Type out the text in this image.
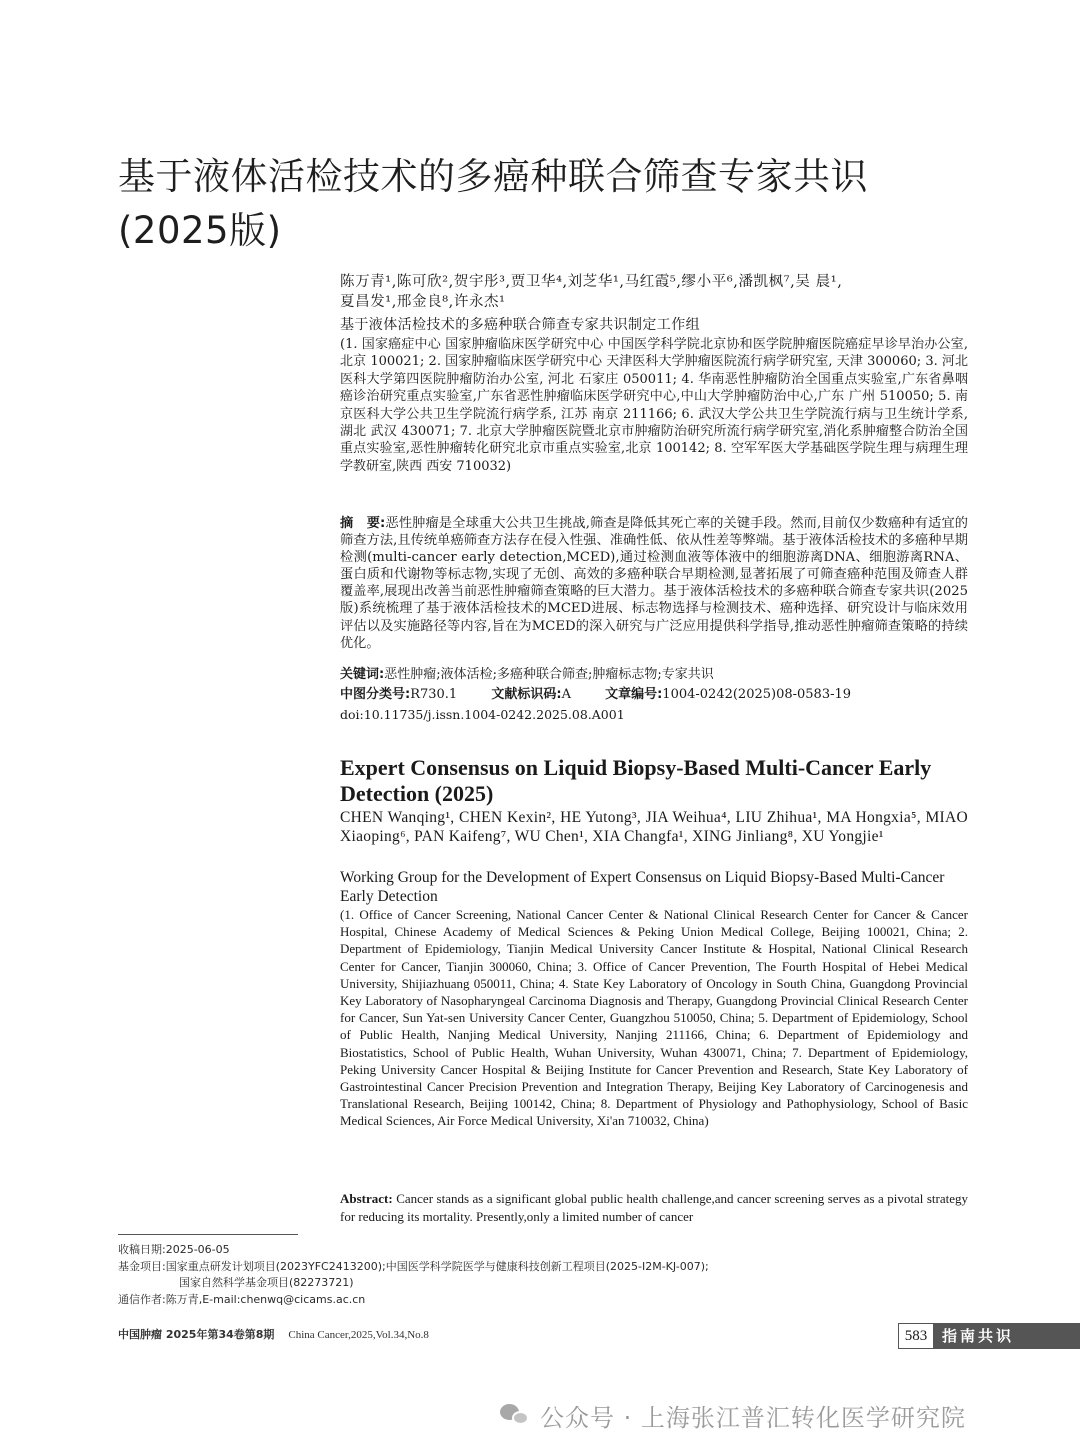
基于液体活检技术的多癌种联合筛查专家共识
(2025版)
陈万青¹,陈可欣²,贺宇彤³,贾卫华⁴,刘芝华¹,马红霞⁵,缪小平⁶,潘凯枫⁷,吴 晨¹,
夏昌发¹,邢金良⁸,许永杰¹
基于液体活检技术的多癌种联合筛查专家共识制定工作组
(1. 国家癌症中心 国家肿瘤临床医学研究中心 中国医学科学院北京协和医学院肿瘤医院癌症早诊早治办公室, 北京 100021; 2. 国家肿瘤临床医学研究中心 天津医科大学肿瘤医院流行病学研究室, 天津 300060; 3. 河北医科大学第四医院肿瘤防治办公室, 河北 石家庄 050011; 4. 华南恶性肿瘤防治全国重点实验室,广东省鼻咽癌诊治研究重点实验室,广东省恶性肿瘤临床医学研究中心,中山大学肿瘤防治中心,广东 广州 510050; 5. 南京医科大学公共卫生学院流行病学系, 江苏 南京 211166; 6. 武汉大学公共卫生学院流行病与卫生统计学系,湖北 武汉 430071; 7. 北京大学肿瘤医院暨北京市肿瘤防治研究所流行病学研究室,消化系肿瘤整合防治全国重点实验室,恶性肿瘤转化研究北京市重点实验室,北京 100142; 8. 空军军医大学基础医学院生理与病理生理学教研室,陕西 西安 710032)
摘　要:恶性肿瘤是全球重大公共卫生挑战,筛查是降低其死亡率的关键手段。然而,目前仅少数癌种有适宜的筛查方法,且传统单癌筛查方法存在侵入性强、准确性低、依从性差等弊端。基于液体活检技术的多癌种早期检测(multi-cancer early detection,MCED),通过检测血液等体液中的细胞游离DNA、细胞游离RNA、蛋白质和代谢物等标志物,实现了无创、高效的多癌种联合早期检测,显著拓展了可筛查癌种范围及筛查人群覆盖率,展现出改善当前恶性肿瘤筛查策略的巨大潜力。基于液体活检技术的多癌种联合筛查专家共识(2025版)系统梳理了基于液体活检技术的MCED进展、标志物选择与检测技术、癌种选择、研究设计与临床效用评估以及实施路径等内容,旨在为MCED的深入研究与广泛应用提供科学指导,推动恶性肿瘤筛查策略的持续优化。
关键词:恶性肿瘤;液体活检;多癌种联合筛查;肿瘤标志物;专家共识
中图分类号:R730.1	文献标识码:A	文章编号:1004-0242(2025)08-0583-19
doi:10.11735/j.issn.1004-0242.2025.08.A001
Expert Consensus on Liquid Biopsy-Based Multi-Cancer Early Detection (2025)
CHEN Wanqing¹, CHEN Kexin², HE Yutong³, JIA Weihua⁴, LIU Zhihua¹, MA Hongxia⁵, MIAO Xiaoping⁶, PAN Kaifeng⁷, WU Chen¹, XIA Changfa¹, XING Jinliang⁸, XU Yongjie¹
Working Group for the Development of Expert Consensus on Liquid Biopsy-Based Multi-Cancer Early Detection
(1. Office of Cancer Screening, National Cancer Center & National Clinical Research Center for Cancer & Cancer Hospital, Chinese Academy of Medical Sciences & Peking Union Medical College, Beijing 100021, China; 2. Department of Epidemiology, Tianjin Medical University Cancer Institute & Hospital, National Clinical Research Center for Cancer, Tianjin 300060, China; 3. Office of Cancer Prevention, The Fourth Hospital of Hebei Medical University, Shijiazhuang 050011, China; 4. State Key Laboratory of Oncology in South China, Guangdong Provincial Key Laboratory of Nasopharyngeal Carcinoma Diagnosis and Therapy, Guangdong Provincial Clinical Research Center for Cancer, Sun Yat-sen University Cancer Center, Guangzhou 510050, China; 5. Department of Epidemiology, School of Public Health, Nanjing Medical University, Nanjing 211166, China; 6. Department of Epidemiology and Biostatistics, School of Public Health, Wuhan University, Wuhan 430071, China; 7. Department of Epidemiology, Peking University Cancer Hospital & Beijing Institute for Cancer Prevention and Research, State Key Laboratory of Gastrointestinal Cancer Precision Prevention and Integration Therapy, Beijing Key Laboratory of Carcinogenesis and Translational Research, Beijing 100142, China; 8. Department of Physiology and Pathophysiology, School of Basic Medical Sciences, Air Force Medical University, Xi'an 710032, China)
Abstract: Cancer stands as a significant global public health challenge,and cancer screening serves as a pivotal strategy for reducing its mortality. Presently,only a limited number of cancer
收稿日期:2025-06-05
基金项目:国家重点研发计划项目(2023YFC2413200);中国医学科学院医学与健康科技创新工程项目(2025-I2M-KJ-007);
国家自然科学基金项目(82273721)
通信作者:陈万青,E-mail:chenwq@cicams.ac.cn
中国肿瘤 2025年第34卷第8期 China Cancer,2025,Vol.34,No.8	583 指南共识
公众号 · 上海张江普汇转化医学研究院
